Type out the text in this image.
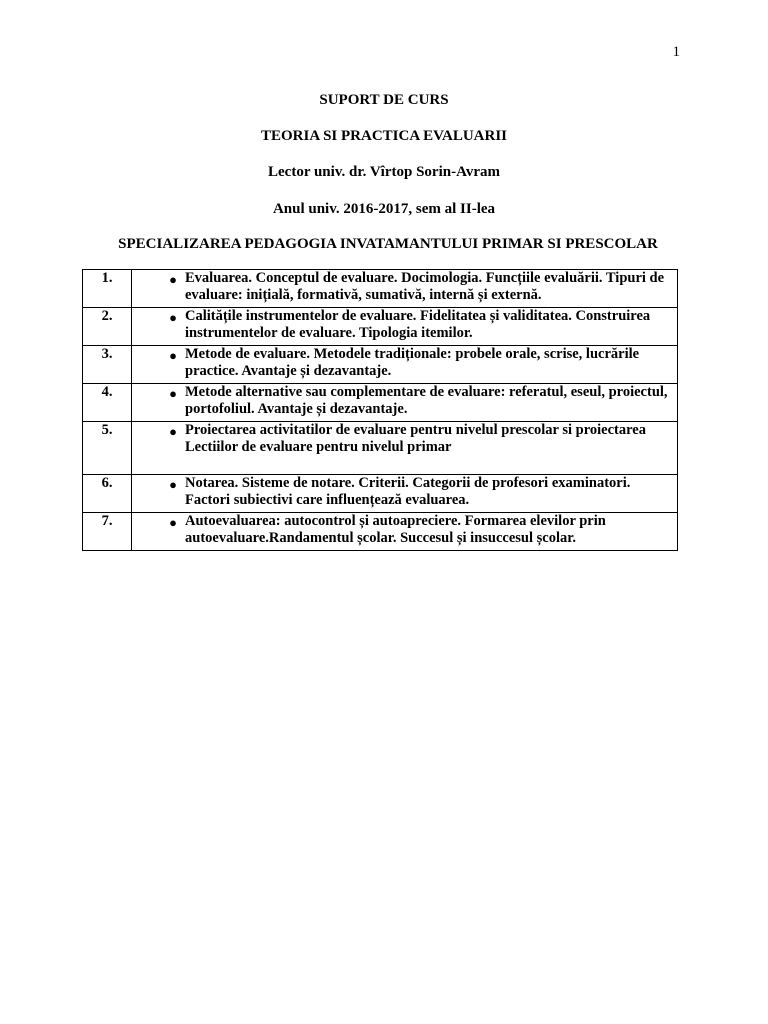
1
SUPORT DE CURS
TEORIA SI PRACTICA EVALUARII
Lector univ. dr. Vîrtop Sorin-Avram
Anul univ. 2016-2017, sem al II-lea
SPECIALIZAREA PEDAGOGIA INVATAMANTULUI PRIMAR SI PRESCOLAR
1.	● Evaluarea. Conceptul de evaluare. Docimologia. Funcțiile evaluării. Tipuri de evaluare: inițială, formativă, sumativă, internă și externă.

2.	● Calitățile instrumentelor de evaluare. Fidelitatea și validitatea. Construirea instrumentelor de evaluare. Tipologia itemilor.

3.	● Metode de evaluare. Metodele tradiționale: probele orale, scrise, lucrările practice. Avantaje și dezavantaje.

4.	● Metode alternative sau complementare de evaluare: referatul, eseul, proiectul, portofoliul. Avantaje și dezavantaje.

5.	● Proiectarea activitatilor de evaluare pentru nivelul prescolar si proiectarea Lectiilor de evaluare pentru nivelul primar

6.	● Notarea. Sisteme de notare. Criterii. Categorii de profesori examinatori. Factori subiectivi care influențează evaluarea.

7.	● Autoevaluarea: autocontrol și autoapreciere. Formarea elevilor prin autoevaluare.Randamentul școlar. Succesul și insuccesul școlar.
